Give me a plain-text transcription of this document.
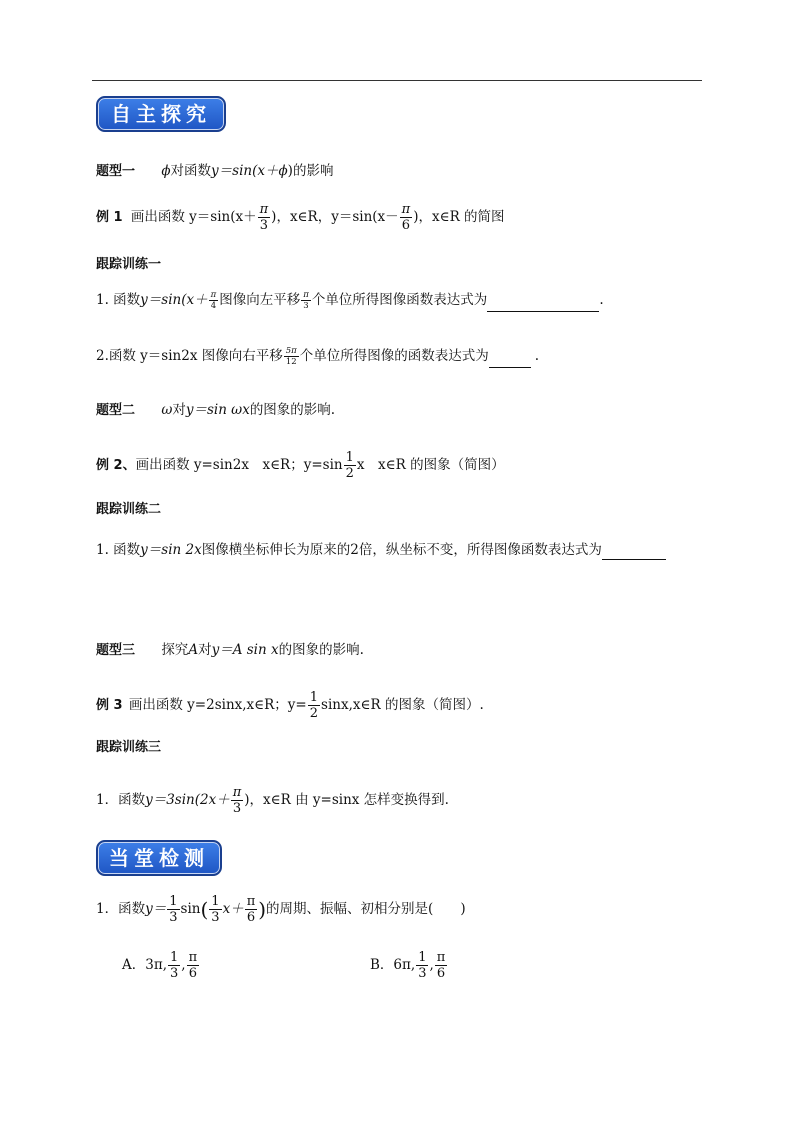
自主探究
题型一 ϕ对函数y＝sin(x＋ϕ)的影响
例 1 画出函数 $y=\sin(x+ \frac{\pi}{3}$ )，x∈R，$y=\sin(x- \frac{\pi}{6}$ )，x∈R 的简图
跟踪训练一
1. 函数$y=\sin(x+ \frac{\pi}{4}$ 图像向左平移 $\frac{\pi}{3}$ 个单位所得图像函数表达式为	.
2.函数 y＝sin2x 图像向右平移 $\frac{5\pi}{12}$ 个单位所得图像的函数表达式为	.
题型二 ω对y＝sin ωx的图象的影响.
例 2、画出函数 y=sin2x　x∈R；$y=\sin \frac{1}{2}$ x　x∈R 的图象（简图）
跟踪训练二
1. 函数y＝sin 2x图像横坐标伸长为原来的2倍，纵坐标不变，所得图像函数表达式为
题型三 探究A对y＝A sin x的图象的影响.
例 3 画出函数 y=2sinx,x∈R；$y= \frac{1}{2}$ sinx,x∈R 的图象（简图）.
跟踪训练三
1．函数$y=3\sin(2x+ \frac{\pi}{3}$ )，x∈R 由 y=sinx 怎样变换得到.
当堂检测
1．函数$y= \frac{1}{3} \sin( \frac{1}{3} x+ \frac{\pi}{6}$ )的周期、振幅、初相分别是(　　)
A．3π, $\frac{1}{3}$ , $\frac{\pi}{6}$	B．6π, $\frac{1}{3}$ , $\frac{\pi}{6}$
